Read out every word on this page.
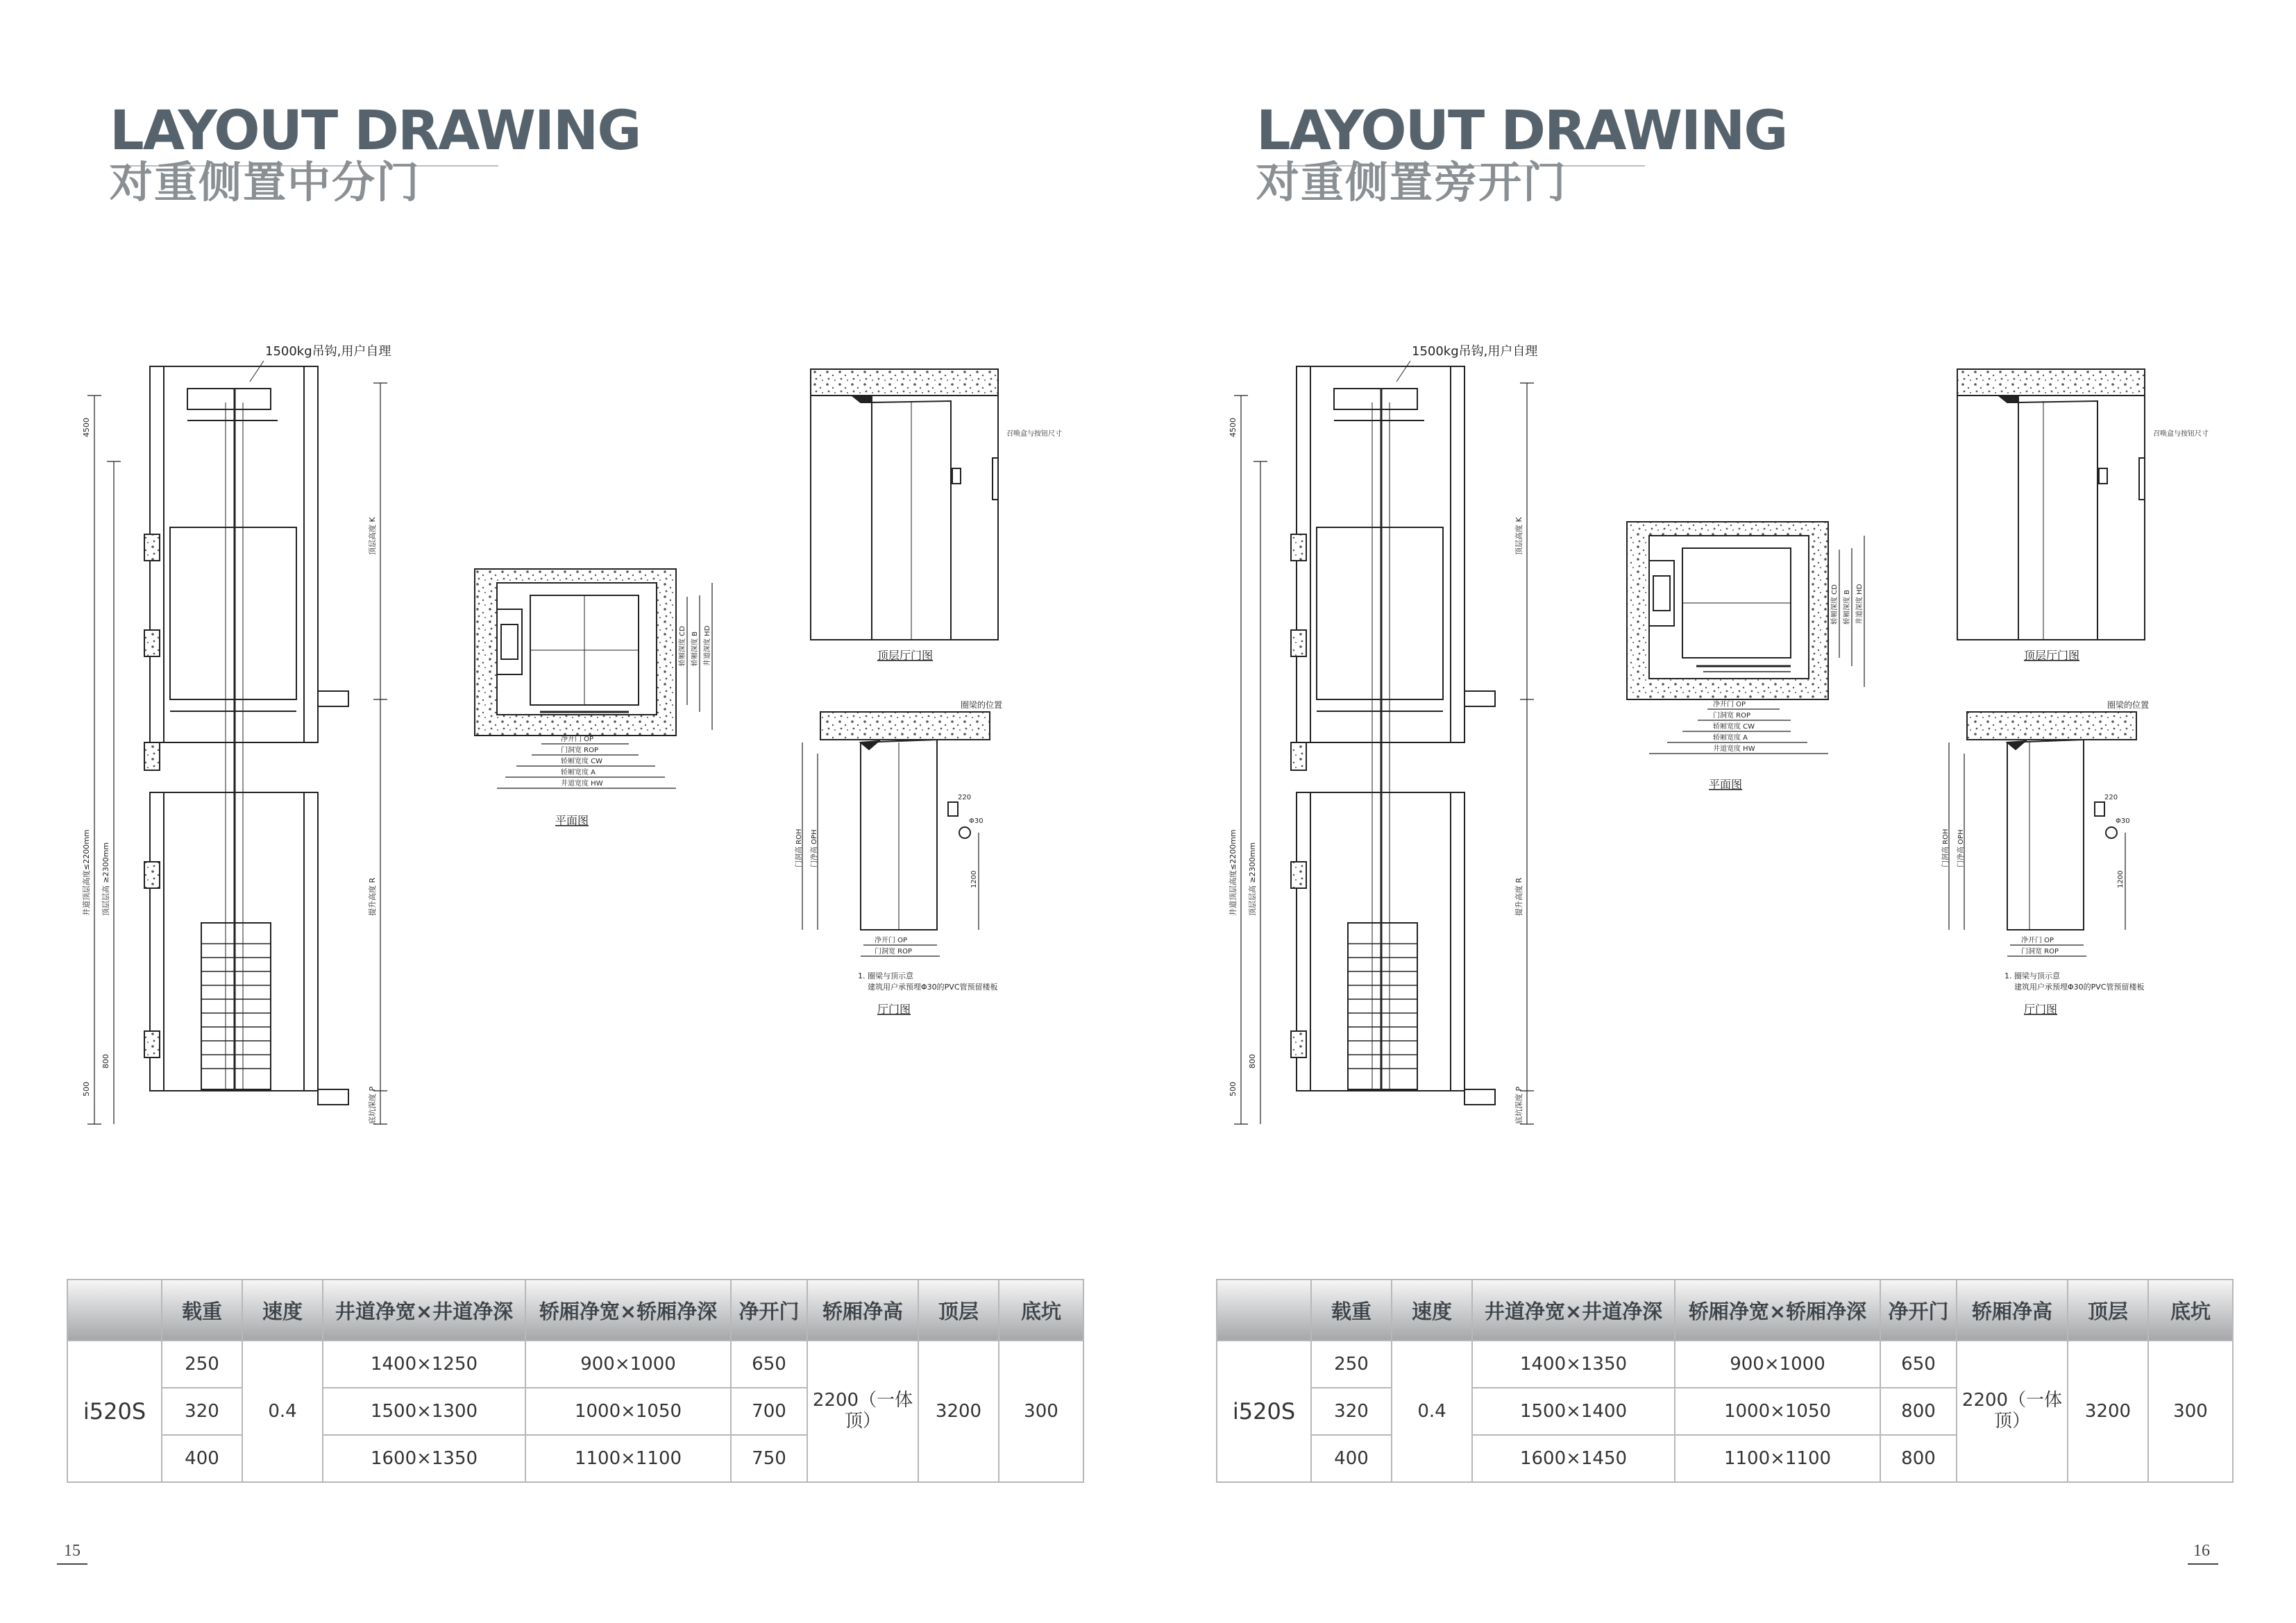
LAYOUT DRAWING
对重侧置中分门
1500kg吊钩,用户自理
4500
500
800
井道顶层高度≤2200mm 顶层层高 ≥2300mm
顶层高度 K
提升高度 R
底坑深度 P
净开门 OP
门洞宽 ROP
轿厢宽度 CW
轿厢宽度 A
井道宽度 HW
轿厢深度 CD 轿厢深度 B 井道深度 HD
平面图
召唤盒与按钮尺寸
顶层厅门图
圈梁的位置
门洞高 ROH 门净高 OPH
净开门 OP
门洞宽 ROP
220
Φ30
1200
1. 圈梁与顶示意
建筑用户承预埋Φ30的PVC管预留楼板
厅门图
	载重	速度	井道净宽×井道净深	轿厢净宽×轿厢净深	净开门	轿厢净高	顶层	底坑
i520S	250	0.4	1400×1250	900×1000	650	2200（一体顶）	3200	300
	320		1500×1300	1000×1050	700			
	400		1600×1350	1100×1100	750			
15
LAYOUT DRAWING
对重侧置旁开门
1500kg吊钩,用户自理
4500
500
800
井道顶层高度≤2200mm 顶层层高 ≥2300mm
顶层高度 K
提升高度 R
底坑深度 P
净开门 OP
门洞宽 ROP
轿厢宽度 CW
轿厢宽度 A
井道宽度 HW
轿厢深度 CD 轿厢深度 B 井道深度 HD
平面图
召唤盒与按钮尺寸
顶层厅门图
圈梁的位置
门洞高 ROH 门净高 OPH
净开门 OP
门洞宽 ROP
220
Φ30
1200
1. 圈梁与顶示意
建筑用户承预埋Φ30的PVC管预留楼板
厅门图
	载重	速度	井道净宽×井道净深	轿厢净宽×轿厢净深	净开门	轿厢净高	顶层	底坑
i520S	250	0.4	1400×1350	900×1000	650	2200（一体顶）	3200	300
	320		1500×1400	1000×1050	800			
	400		1600×1450	1100×1100	800			
16
